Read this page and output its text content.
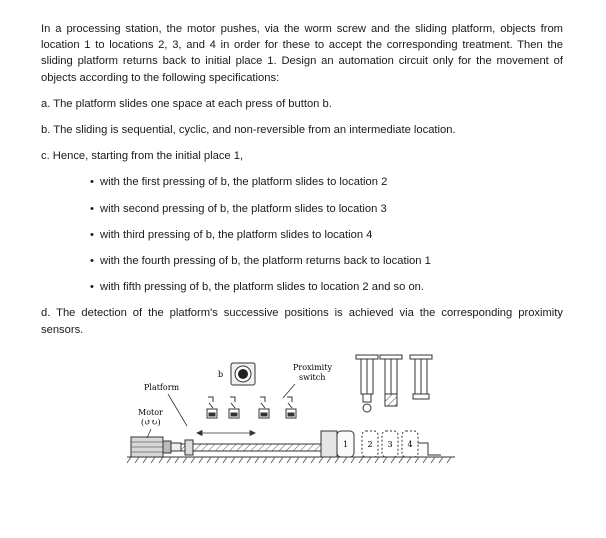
In a processing station, the motor pushes, via the worm screw and the sliding platform, objects from location 1 to locations 2, 3, and 4 in order for these to accept the corresponding treatment. Then the sliding platform returns back to initial place 1. Design an automation circuit only for the movement of objects according to the following specifications:

a. The platform slides one space at each press of button b.

b. The sliding is sequential, cyclic, and non-reversible from an intermediate location.

c. Hence, starting from the initial place 1,

• with the first pressing of b, the platform slides to location 2
• with second pressing of b, the platform slides to location 3
• with third pressing of b, the platform slides to location 4
• with the fourth pressing of b, the platform returns back to location 1
• with fifth pressing of b, the platform slides to location 2 and so on.

d. The detection of the platform's successive positions is achieved via the corresponding proximity sensors.

1 2 3 4
Platform
Motor
(↺↻)
b
Proximity
switch
